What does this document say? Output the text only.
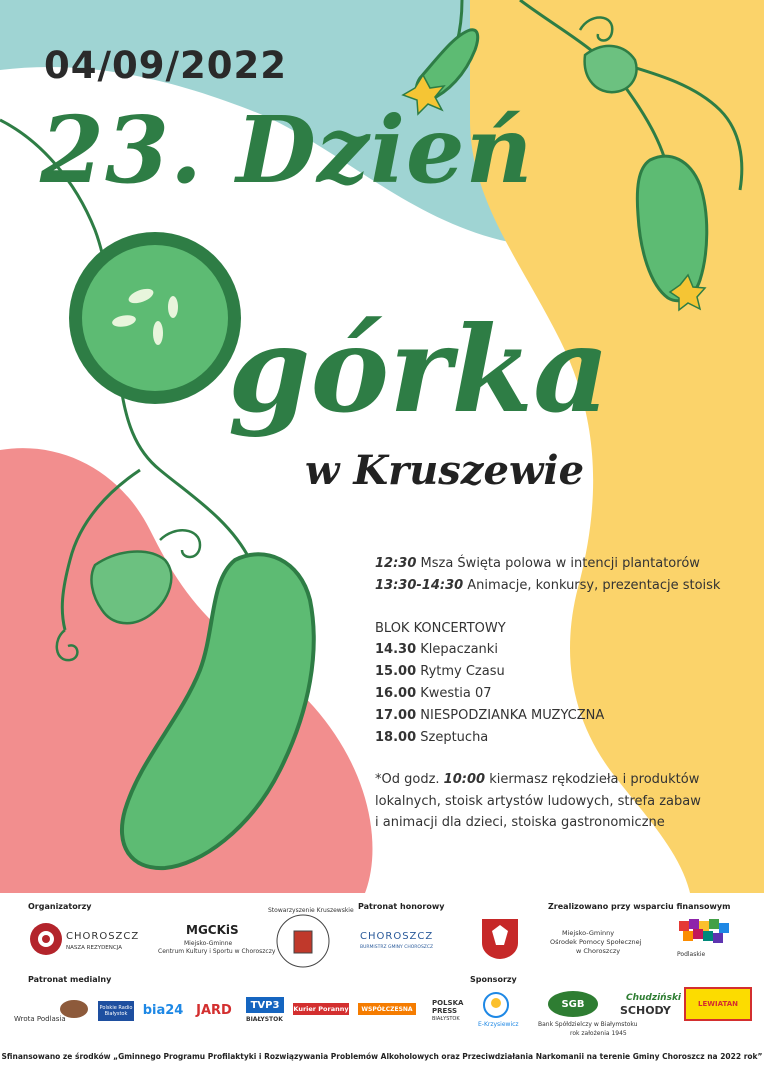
04/09/2022
23. Dzień
górka
w Kruszewie
12:30 Msza Święta polowa w intencji plantatorów
13:30-14:30 Animacje, konkursy, prezentacje stoisk
BLOK KONCERTOWY
14.30 Klepaczanki
15.00 Rytmy Czasu
16.00 Kwestia 07
17.00 NIESPODZIANKA MUZYCZNA
18.00 Szeptucha
*Od godz. 10:00 kiermasz rękodzieła i produktów
lokalnych, stoisk artystów ludowych, strefa zabaw
i animacji dla dzieci, stoiska gastronomiczne
Organizatorzy	Patronat honorowy	Zrealizowano przy wsparciu finansowym
Patronat medialny	Sponsorzy
CHOROSZCZ
NASZA REZYDENCJA
MGCKiS
Miejsko-Gminne
Centrum Kultury i Sportu w Choroszczy
Stowarzyszenie Kruszewskie
CHOROSZCZ
BURMISTRZ GMINY CHOROSZCZ
Miejsko-Gminny
Ośrodek Pomocy Społecznej
w Choroszczy	Podlaskie
Wrota Podlasia
Polskie Radio Białystok	bia24 JARD	TVP3
BIAŁYSTOK
Kurier Poranny	WSPÓŁCZESNA
POLSKA
PRESS
BIAŁYSTOK
E-Krzysiewicz
SGB
Bank Spółdzielczy w Białymstoku
rok założenia 1945
Chudziński
SCHODY	LEWIATAN
Sfinansowano ze środków „Gminnego Programu Profilaktyki i Rozwiązywania Problemów Alkoholowych oraz Przeciwdziałania Narkomanii na terenie Gminy Choroszcz na 2022 rok”
